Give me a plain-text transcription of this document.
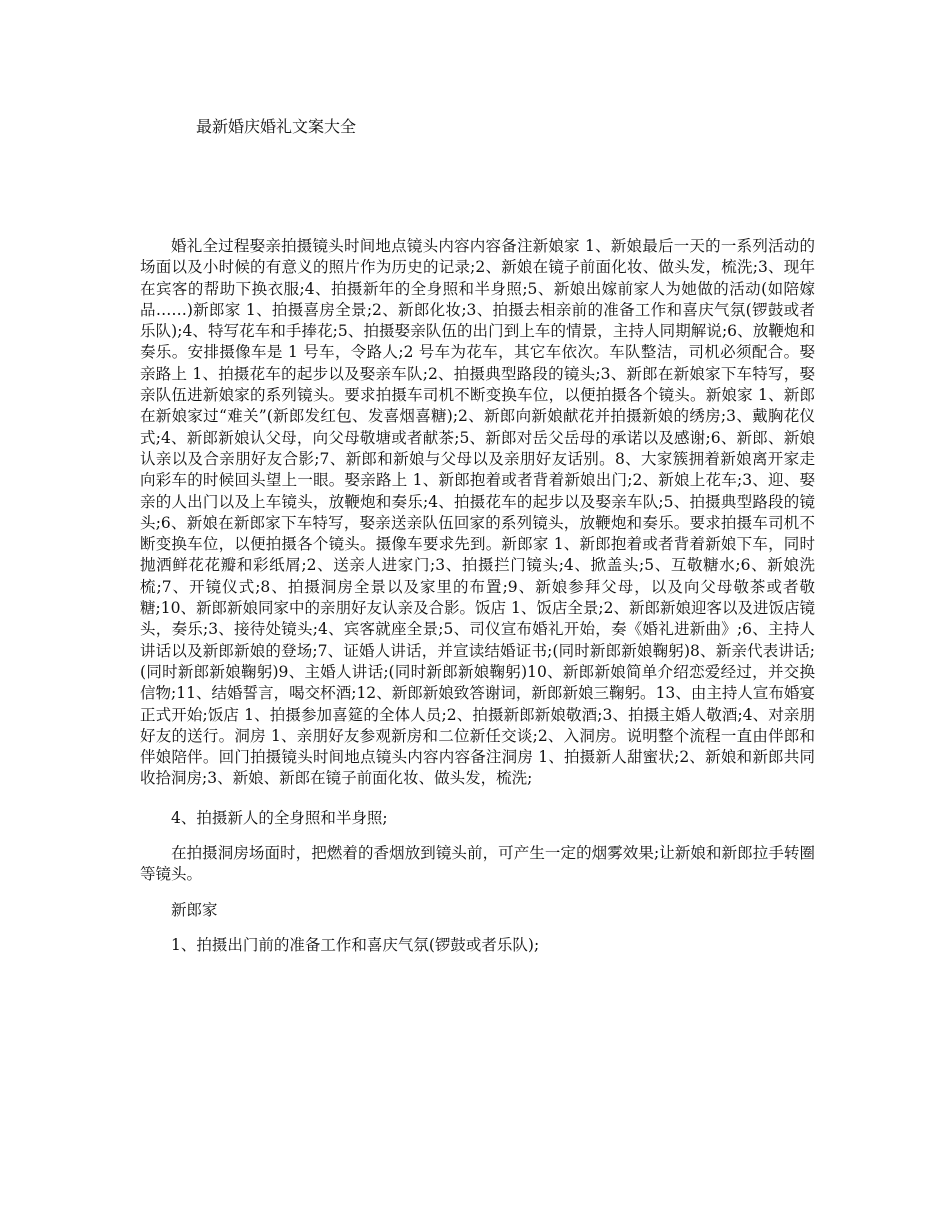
最新婚庆婚礼文案大全

婚礼全过程娶亲拍摄镜头时间地点镜头内容内容备注新娘家 1、新娘最后一天的一系列活动的场面以及小时候的有意义的照片作为历史的记录;2、新娘在镜子前面化妆、做头发，梳洗;3、现年在宾客的帮助下换衣服;4、拍摄新年的全身照和半身照;5、新娘出嫁前家人为她做的活动(如陪嫁品……)新郎家 1、拍摄喜房全景;2、新郎化妆;3、拍摄去相亲前的准备工作和喜庆气氛(锣鼓或者乐队);4、特写花车和手捧花;5、拍摄娶亲队伍的出门到上车的情景，主持人同期解说;6、放鞭炮和奏乐。安排摄像车是 1 号车，令路人;2 号车为花车，其它车依次。车队整洁，司机必须配合。娶亲路上 1、拍摄花车的起步以及娶亲车队;2、拍摄典型路段的镜头;3、新郎在新娘家下车特写，娶亲队伍进新娘家的系列镜头。要求拍摄车司机不断变换车位，以便拍摄各个镜头。新娘家 1、新郎在新娘家过“难关”(新郎发红包、发喜烟喜糖);2、新郎向新娘献花并拍摄新娘的绣房;3、戴胸花仪式;4、新郎新娘认父母，向父母敬塘或者献茶;5、新郎对岳父岳母的承诺以及感谢;6、新郎、新娘认亲以及合亲朋好友合影;7、新郎和新娘与父母以及亲朋好友话别。8、大家簇拥着新娘离开家走向彩车的时候回头望上一眼。娶亲路上 1、新郎抱着或者背着新娘出门;2、新娘上花车;3、迎、娶亲的人出门以及上车镜头，放鞭炮和奏乐;4、拍摄花车的起步以及娶亲车队;5、拍摄典型路段的镜头;6、新娘在新郎家下车特写，娶亲送亲队伍回家的系列镜头，放鞭炮和奏乐。要求拍摄车司机不断变换车位，以便拍摄各个镜头。摄像车要求先到。新郎家 1、新郎抱着或者背着新娘下车，同时抛洒鲜花花瓣和彩纸屑;2、送亲人进家门;3、拍摄拦门镜头;4、掀盖头;5、互敬糖水;6、新娘洗梳;7、开镜仪式;8、拍摄洞房全景以及家里的布置;9、新娘参拜父母，以及向父母敬茶或者敬糖;10、新郎新娘同家中的亲朋好友认亲及合影。饭店 1、饭店全景;2、新郎新娘迎客以及进饭店镜头，奏乐;3、接待处镜头;4、宾客就座全景;5、司仪宣布婚礼开始，奏《婚礼进新曲》;6、主持人讲话以及新郎新娘的登场;7、证婚人讲话，并宣读结婚证书;(同时新郎新娘鞠躬)8、新亲代表讲话;(同时新郎新娘鞠躬)9、主婚人讲话;(同时新郎新娘鞠躬)10、新郎新娘简单介绍恋爱经过，并交换信物;11、结婚誓言，喝交杯酒;12、新郎新娘致答谢词，新郎新娘三鞠躬。13、由主持人宣布婚宴正式开始;饭店 1、拍摄参加喜筵的全体人员;2、拍摄新郎新娘敬酒;3、拍摄主婚人敬酒;4、对亲朋好友的送行。洞房 1、亲朋好友参观新房和二位新任交谈;2、入洞房。说明整个流程一直由伴郎和伴娘陪伴。回门拍摄镜头时间地点镜头内容内容备注洞房 1、拍摄新人甜蜜状;2、新娘和新郎共同收拾洞房;3、新娘、新郎在镜子前面化妆、做头发，梳洗;

4、拍摄新人的全身照和半身照;

在拍摄洞房场面时，把燃着的香烟放到镜头前，可产生一定的烟雾效果;让新娘和新郎拉手转圈等镜头。

新郎家

1、拍摄出门前的准备工作和喜庆气氛(锣鼓或者乐队);
